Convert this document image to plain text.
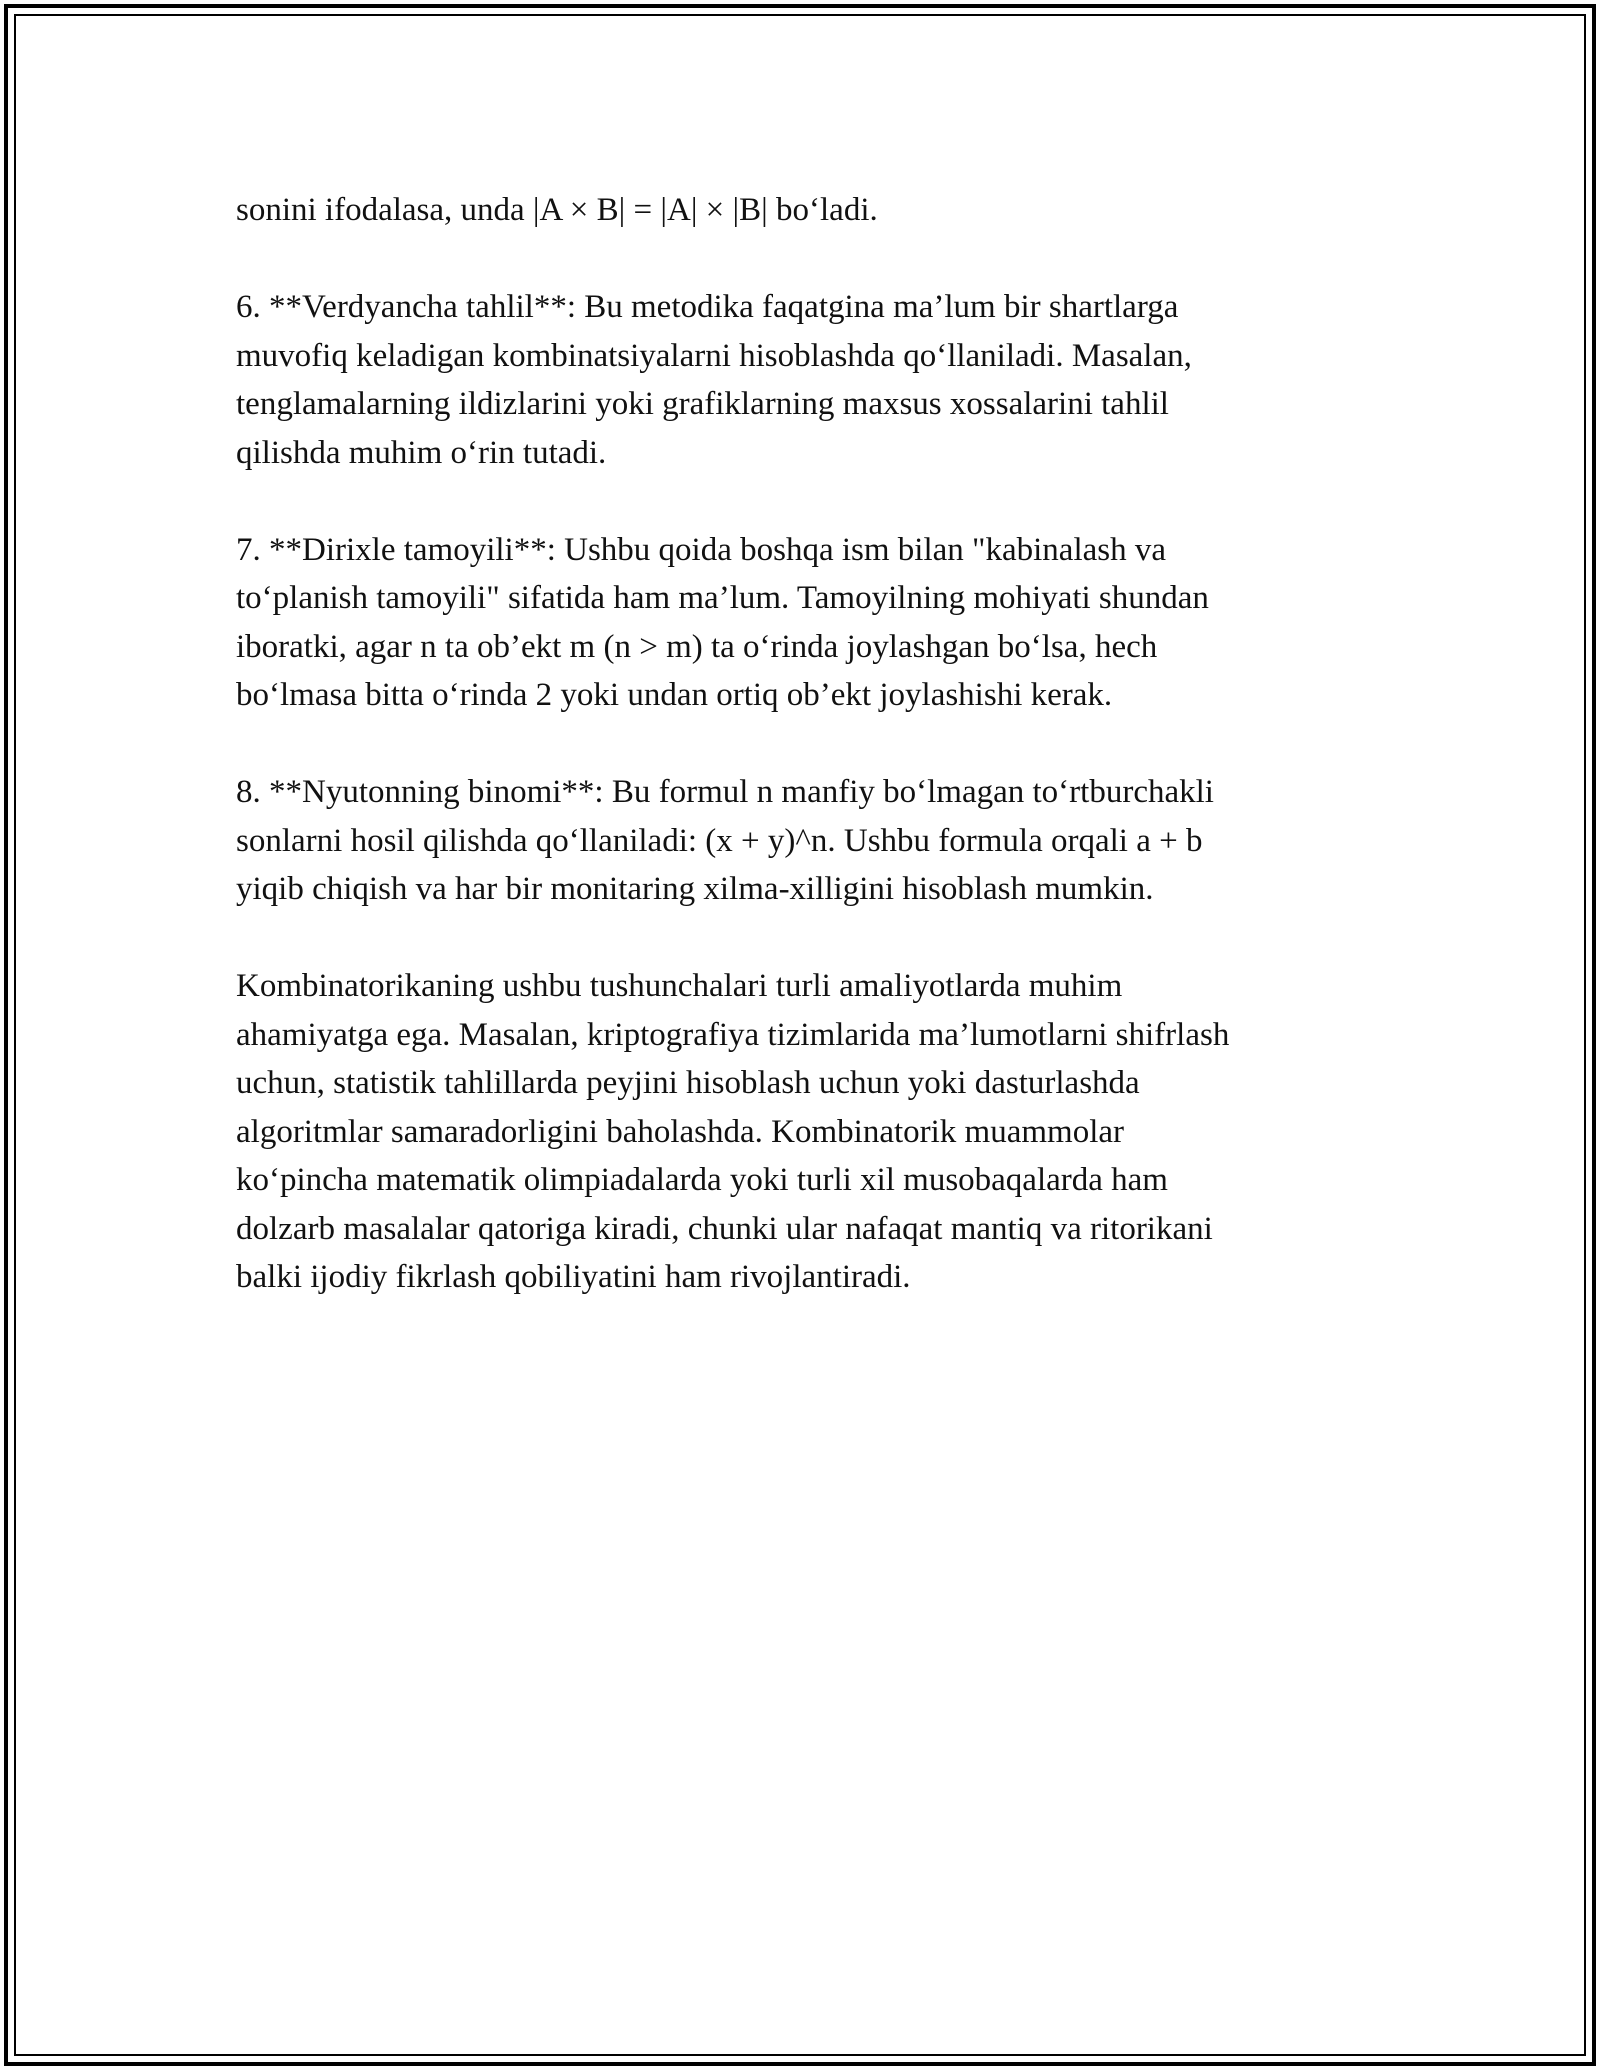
sonini ifodalasa, unda |A × B| = |A| × |B| bo‘ladi.

6. **Verdyancha tahlil**: Bu metodika faqatgina ma’lum bir shartlarga
muvofiq keladigan kombinatsiyalarni hisoblashda qo‘llaniladi. Masalan,
tenglamalarning ildizlarini yoki grafiklarning maxsus xossalarini tahlil
qilishda muhim o‘rin tutadi.

7. **Dirixle tamoyili**: Ushbu qoida boshqa ism bilan "kabinalash va
to‘planish tamoyili" sifatida ham ma’lum. Tamoyilning mohiyati shundan
iboratki, agar n ta ob’ekt m (n > m) ta o‘rinda joylashgan bo‘lsa, hech
bo‘lmasa bitta o‘rinda 2 yoki undan ortiq ob’ekt joylashishi kerak.

8. **Nyutonning binomi**: Bu formul n manfiy bo‘lmagan to‘rtburchakli
sonlarni hosil qilishda qo‘llaniladi: (x + y)^n. Ushbu formula orqali a + b
yiqib chiqish va har bir monitaring xilma-xilligini hisoblash mumkin.

Kombinatorikaning ushbu tushunchalari turli amaliyotlarda muhim
ahamiyatga ega. Masalan, kriptografiya tizimlarida ma’lumotlarni shifrlash
uchun, statistik tahlillarda peyjini hisoblash uchun yoki dasturlashda
algoritmlar samaradorligini baholashda. Kombinatorik muammolar
ko‘pincha matematik olimpiadalarda yoki turli xil musobaqalarda ham
dolzarb masalalar qatoriga kiradi, chunki ular nafaqat mantiq va ritorikani
balki ijodiy fikrlash qobiliyatini ham rivojlantiradi.
